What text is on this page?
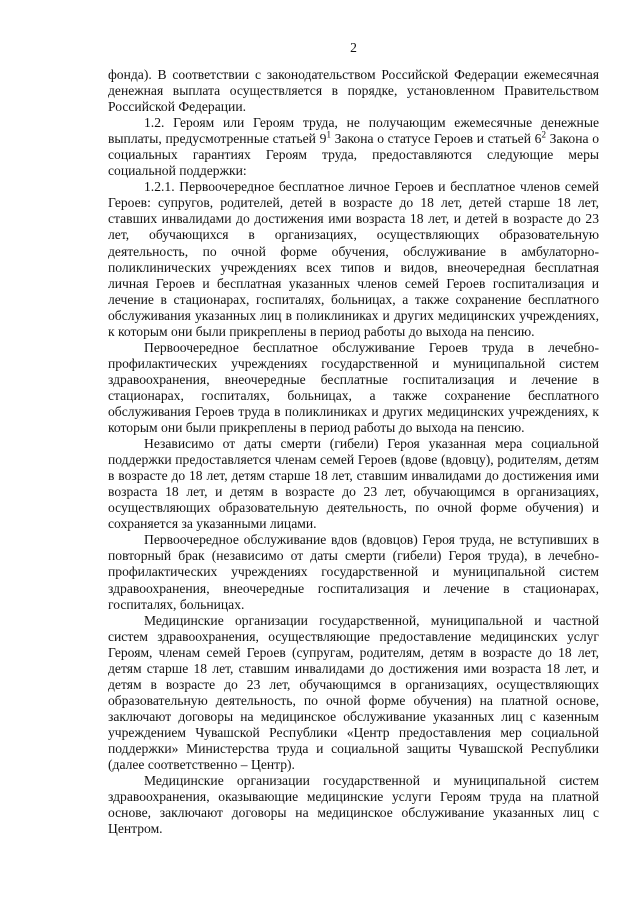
2

фонда). В соответствии с законодательством Российской Федерации ежемесячная денежная выплата осуществляется в порядке, установленном Правительством Российской Федерации.

1.2. Героям или Героям труда, не получающим ежемесячные денежные выплаты, предусмотренные статьей $9^1$ Закона о статусе Героев и статьей $6^2$ Закона о социальных гарантиях Героям труда, предоставляются следующие меры социальной поддержки:

1.2.1. Первоочередное бесплатное личное Героев и бесплатное членов семей Героев: супругов, родителей, детей в возрасте до 18 лет, детей старше 18 лет, ставших инвалидами до достижения ими возраста 18 лет, и детей в возрасте до 23 лет, обучающихся в организациях, осуществляющих образовательную деятельность, по очной форме обучения, обслуживание в амбулаторно-поликлинических учреждениях всех типов и видов, внеочередная бесплатная личная Героев и бесплатная указанных членов семей Героев госпитализация и лечение в стационарах, госпиталях, больницах, а также сохранение бесплатного обслуживания указанных лиц в поликлиниках и других медицинских учреждениях, к которым они были прикреплены в период работы до выхода на пенсию.

Первоочередное бесплатное обслуживание Героев труда в лечебно-профилактических учреждениях государственной и муниципальной систем здравоохранения, внеочередные бесплатные госпитализация и лечение в стационарах, госпиталях, больницах, а также сохранение бесплатного обслуживания Героев труда в поликлиниках и других медицинских учреждениях, к которым они были прикреплены в период работы до выхода на пенсию.

Независимо от даты смерти (гибели) Героя указанная мера социальной поддержки предоставляется членам семей Героев (вдове (вдовцу), родителям, детям в возрасте до 18 лет, детям старше 18 лет, ставшим инвалидами до достижения ими возраста 18 лет, и детям в возрасте до 23 лет, обучающимся в организациях, осуществляющих образовательную деятельность, по очной форме обучения) и сохраняется за указанными лицами.

Первоочередное обслуживание вдов (вдовцов) Героя труда, не вступивших в повторный брак (независимо от даты смерти (гибели) Героя труда), в лечебно-профилактических учреждениях государственной и муниципальной систем здравоохранения, внеочередные госпитализация и лечение в стационарах, госпиталях, больницах.

Медицинские организации государственной, муниципальной и частной систем здравоохранения, осуществляющие предоставление медицинских услуг Героям, членам семей Героев (супругам, родителям, детям в возрасте до 18 лет, детям старше 18 лет, ставшим инвалидами до достижения ими возраста 18 лет, и детям в возрасте до 23 лет, обучающимся в организациях, осуществляющих образовательную деятельность, по очной форме обучения) на платной основе, заключают договоры на медицинское обслуживание указанных лиц с казенным учреждением Чувашской Республики «Центр предоставления мер социальной поддержки» Министерства труда и социальной защиты Чувашской Республики (далее соответственно – Центр).

Медицинские организации государственной и муниципальной систем здравоохранения, оказывающие медицинские услуги Героям труда на платной основе, заключают договоры на медицинское обслуживание указанных лиц с Центром.
